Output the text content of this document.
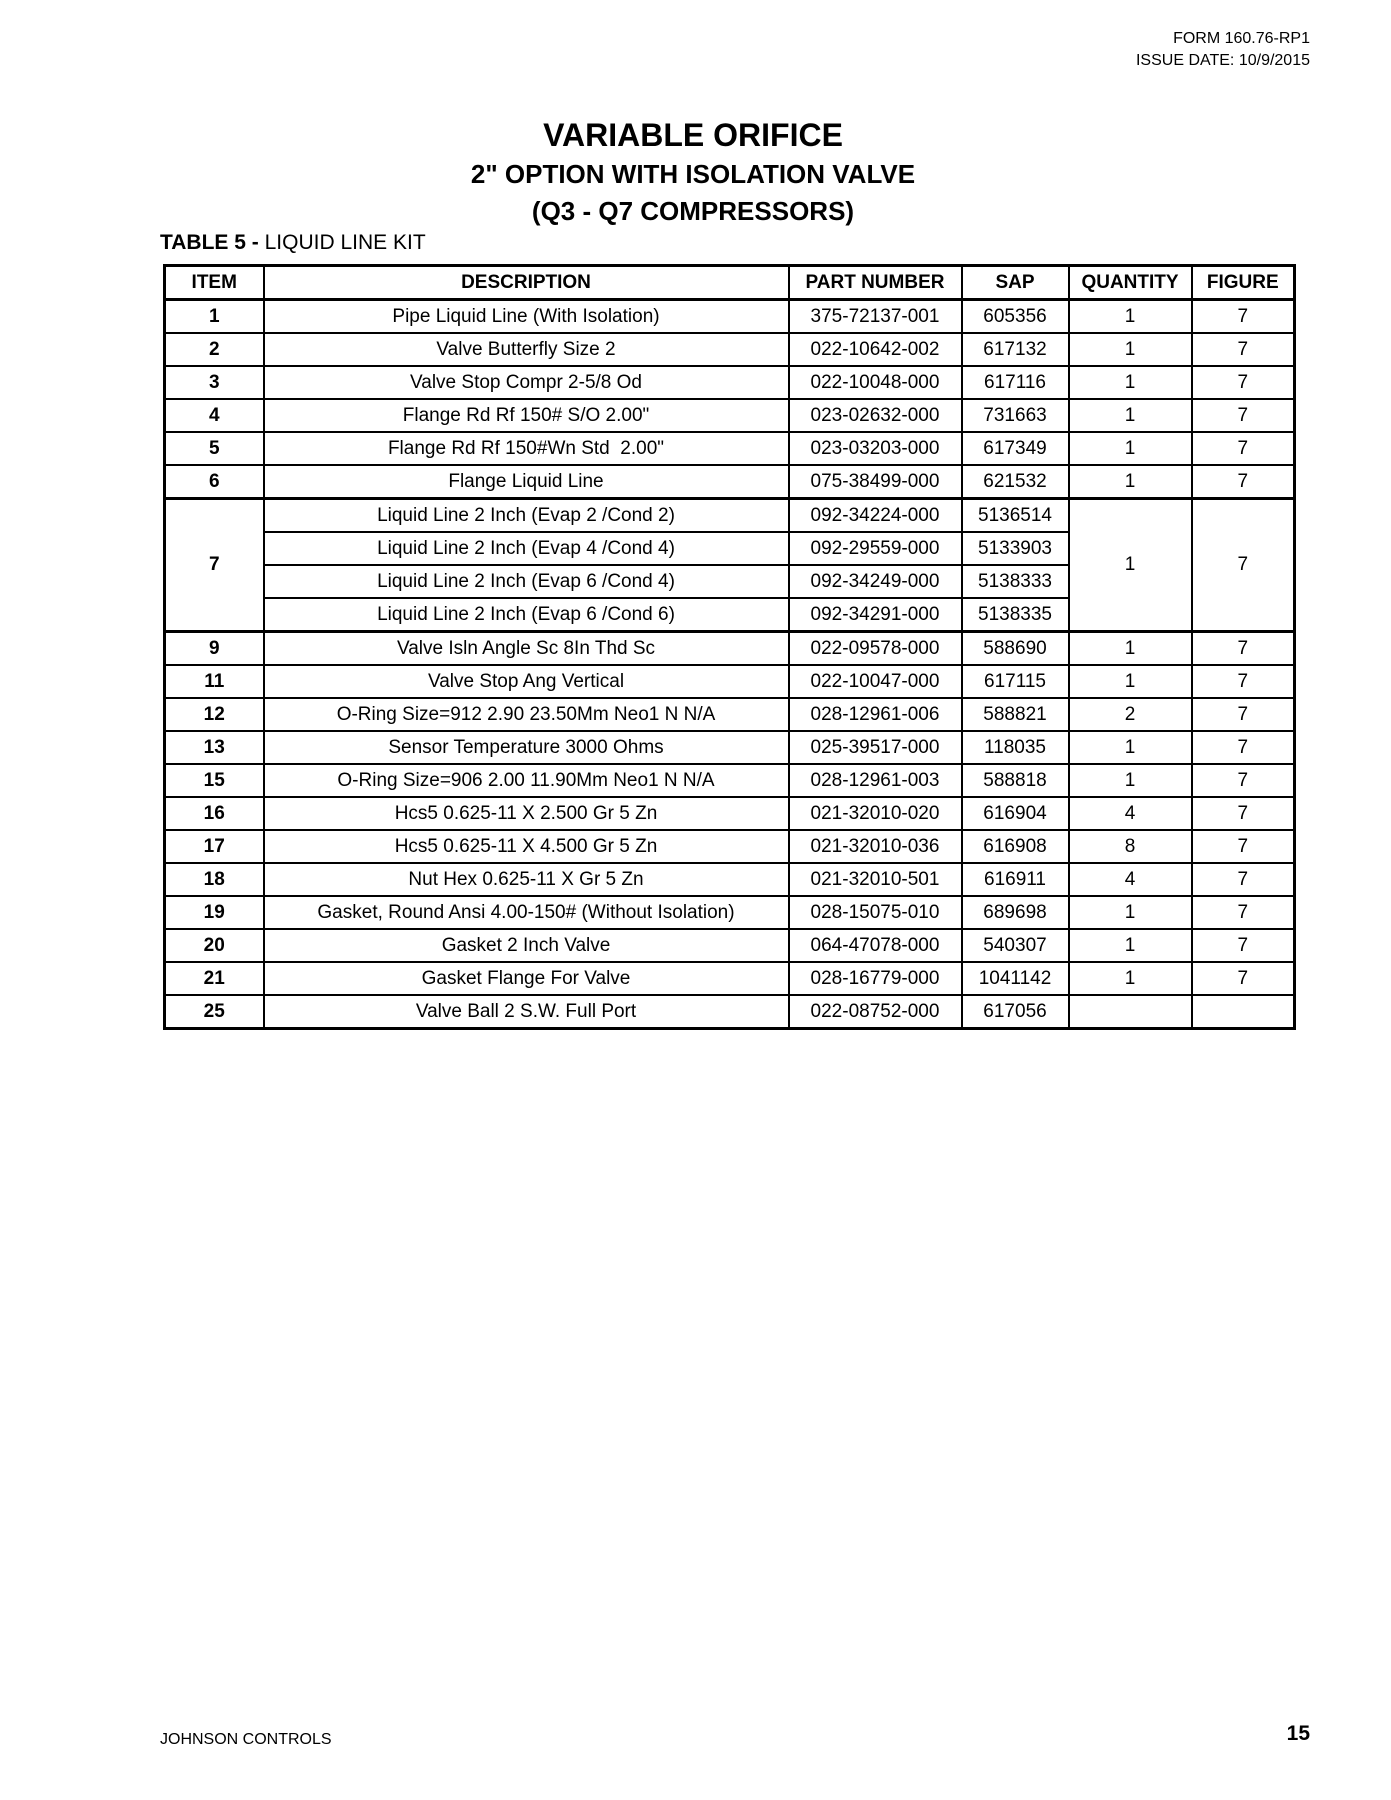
FORM 160.76-RP1
ISSUE DATE: 10/9/2015
VARIABLE ORIFICE
2" OPTION WITH ISOLATION VALVE
(Q3 - Q7 COMPRESSORS)
TABLE 5 - LIQUID LINE KIT
ITEM	DESCRIPTION	PART NUMBER	SAP	QUANTITY	FIGURE
1	Pipe Liquid Line (With Isolation)	375-72137-001	605356	1	7
2	Valve Butterfly Size 2	022-10642-002	617132	1	7
3	Valve Stop Compr 2-5/8 Od	022-10048-000	617116	1	7
4	Flange Rd Rf 150# S/O 2.00"	023-02632-000	731663	1	7
5	Flange Rd Rf 150#Wn Std  2.00"	023-03203-000	617349	1	7
6	Flange Liquid Line	075-38499-000	621532	1	7
7	Liquid Line 2 Inch (Evap 2 /Cond 2)	092-34224-000	5136514	1	7
	Liquid Line 2 Inch (Evap 4 /Cond 4)	092-29559-000	5133903		
	Liquid Line 2 Inch (Evap 6 /Cond 4)	092-34249-000	5138333		
	Liquid Line 2 Inch (Evap 6 /Cond 6)	092-34291-000	5138335		
9	Valve Isln Angle Sc 8In Thd Sc	022-09578-000	588690	1	7
11	Valve Stop Ang Vertical	022-10047-000	617115	1	7
12	O-Ring Size=912 2.90 23.50Mm Neo1 N N/A	028-12961-006	588821	2	7
13	Sensor Temperature 3000 Ohms	025-39517-000	118035	1	7
15	O-Ring Size=906 2.00 11.90Mm Neo1 N N/A	028-12961-003	588818	1	7
16	Hcs5 0.625-11 X 2.500 Gr 5 Zn	021-32010-020	616904	4	7
17	Hcs5 0.625-11 X 4.500 Gr 5 Zn	021-32010-036	616908	8	7
18	Nut Hex 0.625-11 X Gr 5 Zn	021-32010-501	616911	4	7
19	Gasket, Round Ansi 4.00-150# (Without Isolation)	028-15075-010	689698	1	7
20	Gasket 2 Inch Valve	064-47078-000	540307	1	7
21	Gasket Flange For Valve	028-16779-000	1041142	1	7
25	Valve Ball 2 S.W. Full Port	022-08752-000	617056		
JOHNSON CONTROLS	15
